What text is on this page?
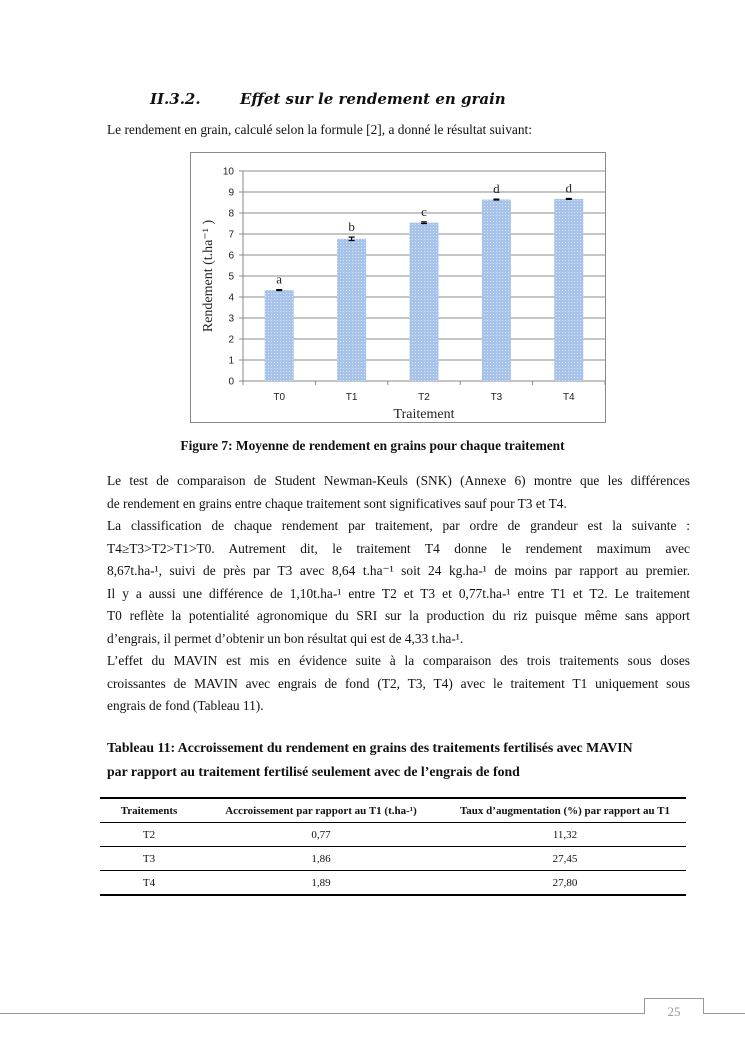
II.3.2.	Effet sur le rendement en grain
Le rendement en grain, calculé selon la formule [2], a donné le résultat suivant:
0
1
2
3
4
5
6
7
8
9
10
a
T0
b
T1
c
T2
d
T3
d
T4
Traitement
Rendement (t.ha⁻¹ )
Figure 7: Moyenne de rendement en grains pour chaque traitement
Le test de comparaison de Student Newman-Keuls (SNK) (Annexe 6) montre que les différences
de rendement en grains entre chaque traitement sont significatives sauf pour T3 et T4.
La classification de chaque rendement par traitement, par ordre de grandeur est la suivante :
T4≥T3>T2>T1>T0. Autrement dit, le traitement T4 donne le rendement maximum avec
8,67t.ha-¹, suivi de près par T3 avec 8,64 t.ha⁻¹ soit 24 kg.ha-¹ de moins par rapport au premier.
Il y a aussi une différence de 1,10t.ha-¹ entre T2 et T3 et 0,77t.ha-¹ entre T1 et T2. Le traitement
T0 reflète la potentialité agronomique du SRI sur la production du riz puisque même sans apport
d’engrais, il permet d’obtenir un bon résultat qui est de 4,33 t.ha-¹.
L’effet du MAVIN est mis en évidence suite à la comparaison des trois traitements sous doses
croissantes de MAVIN avec engrais de fond (T2, T3, T4) avec le traitement T1 uniquement sous
engrais de fond (Tableau 11).
Tableau 11: Accroissement du rendement en grains des traitements fertilisés avec MAVIN
par rapport au traitement fertilisé seulement avec de l’engrais de fond
Traitements	Accroissement par rapport au T1 (t.ha-¹)	Taux d’augmentation (%) par rapport au T1
T2	0,77	11,32
T3	1,86	27,45
T4	1,89	27,80
25
